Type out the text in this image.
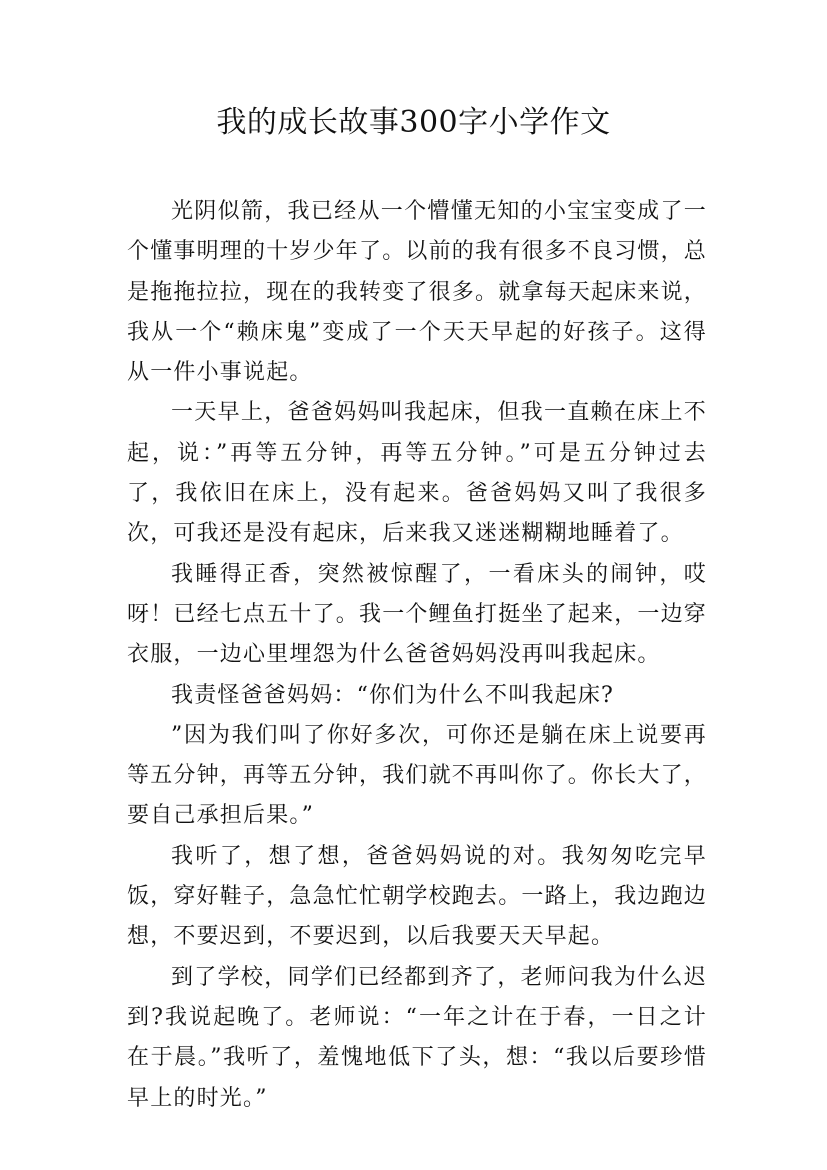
我的成长故事300字小学作文

光阴似箭，我已经从一个懵懂无知的小宝宝变成了一个懂事明理的十岁少年了。以前的我有很多不良习惯，总是拖拖拉拉，现在的我转变了很多。就拿每天起床来说，我从一个“赖床鬼”变成了一个天天早起的好孩子。这得从一件小事说起。

一天早上，爸爸妈妈叫我起床，但我一直赖在床上不起，说：”再等五分钟，再等五分钟。”可是五分钟过去了，我依旧在床上，没有起来。爸爸妈妈又叫了我很多次，可我还是没有起床，后来我又迷迷糊糊地睡着了。

我睡得正香，突然被惊醒了，一看床头的闹钟，哎呀！已经七点五十了。我一个鲤鱼打挺坐了起来，一边穿衣服，一边心里埋怨为什么爸爸妈妈没再叫我起床。

我责怪爸爸妈妈：“你们为什么不叫我起床?

”因为我们叫了你好多次，可你还是躺在床上说要再等五分钟，再等五分钟，我们就不再叫你了。你长大了，要自己承担后果。”

我听了，想了想，爸爸妈妈说的对。我匆匆吃完早饭，穿好鞋子，急急忙忙朝学校跑去。一路上，我边跑边想，不要迟到，不要迟到，以后我要天天早起。

到了学校，同学们已经都到齐了，老师问我为什么迟到?我说起晚了。老师说：“一年之计在于春，一日之计在于晨。”我听了，羞愧地低下了头，想：“我以后要珍惜早上的时光。”
